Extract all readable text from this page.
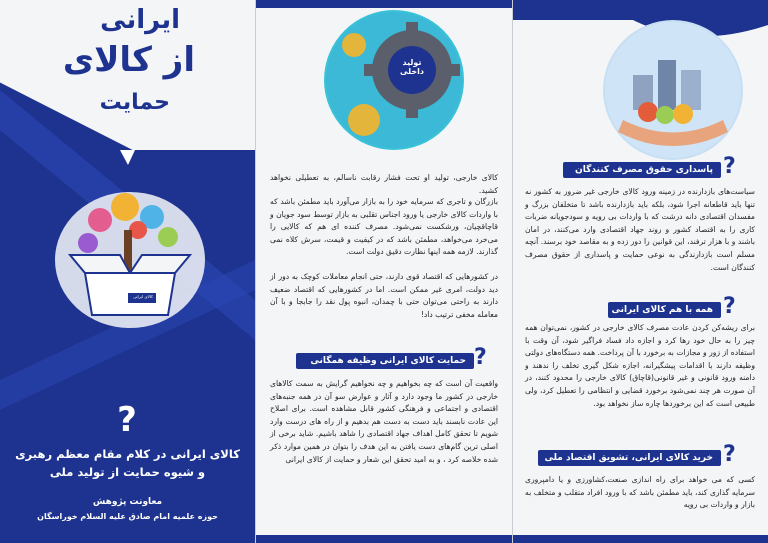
ایرانی
از کالای
حمایت
کالای ایرانی
?
کالای ایرانی در کلام مقام معظم رهبری و شیوه حمایت از تولید ملی
معاونت پژوهش
حوزه علمیه امام صادق علیه السلام خوراسگان
تولید داخلی
کالای خارجی، تولید او تحت فشار رقابت ناسالم، به تعطیلی نخواهد کشید.
بازرگان و تاجری که سرمایه خود را به بازار می‌آورد باید مطمئن باشد که با واردات کالای خارجی یا ورود اجناس تقلبی به بازار توسط سود جویان و قاچاقچیان، ورشکست نمی‌شود. مصرف کننده ای هم که کالایی را می‌خرد می‌خواهد، مطمئن باشد که در کیفیت و قیمت، سرش کلاه نمی گذارند. لازمه همه اینها نظارت دقیق دولت است.
در کشورهایی که اقتصاد قوی دارند، حتی انجام معاملات کوچک به دور از دید دولت، امری غیر ممکن است. اما در کشورهایی که اقتصاد ضعیف دارند به راحتی می‌توان حتی با چمدان، انبوه پول نقد را جابجا و با آن معامله مخفی ترتیب داد!
حمایت کالای ایرانی وظیفه همگانی ?
واقعیت آن است که چه بخواهیم و چه نخواهیم گرایش به سمت کالاهای خارجی در کشور ما وجود دارد و آثار و عوارض سو آن در همه جنبه‌های اقتصادی و اجتماعی و فرهنگی کشور قابل مشاهده است. برای اصلاح این عادت نابسند باید دست به دست هم بدهیم و از راه های درست وارد شویم تا تحقق کامل اهداف جهاد اقتصادی را شاهد باشیم. شاید برخی از اصلی ترین گام‌های دست یافتن به این هدف را بتوان در همین موارد ذکر شده خلاصه کرد ، و به امید تحقق این شعار و حمایت از کالای ایرانی
پاسداری حقوق مصرف کنندگان ?
سیاست‌های بازدارنده در زمینه ورود کالای خارجی غیر ضرور به کشور نه تنها باید قاطعانه اجرا شود، بلکه باید بازدارنده باشد تا متخلفان بزرگ و مفسدان اقتصادی دانه درشت که با واردات بی رویه و سودجویانه ضربات کاری را به اقتصاد کشور و روند جهاد اقتصادی وارد می‌کنند، در امان باشند و با هزار ترفند، این قوانین را دور زده و به مقاصد خود برسند. آنچه مسلم است بازدارندگی به نوعی حمایت و پاسداری از حقوق مصرف کنندگان است.
همه با هم کالای ایرانی ?
برای ریشه‌کن کردن عادت مصرف کالای خارجی در کشور، نمی‌توان همه چیز را به حال خود رها کرد و اجازه داد فساد فراگیر شود، آن وقت با استفاده از زور و مجازات به برخورد با آن پرداخت. همه دستگاه‌های دولتی وظیفه دارند با اقدامات پیشگیرانه، اجازه شکل گیری تخلف را ندهند و دامنه ورود قانونی و غیر قانونی(قاچاق) کالای خارجی را محدود کنند، در آن صورت هر چند نمی‌شود برخورد قضایی و انتظامی را تعطیل کرد، ولی طبیعی است که این برخوردها چاره ساز نخواهد بود.
خرید کالای ایرانی، تشویق اقتصاد ملی ?
کسی که می خواهد برای راه اندازی صنعت،کشاورزی و یا دامپروری سرمایه گذاری کند، باید مطمئن باشد که با ورود افراد متقلب و متخلف به بازار و واردات بی رویه
